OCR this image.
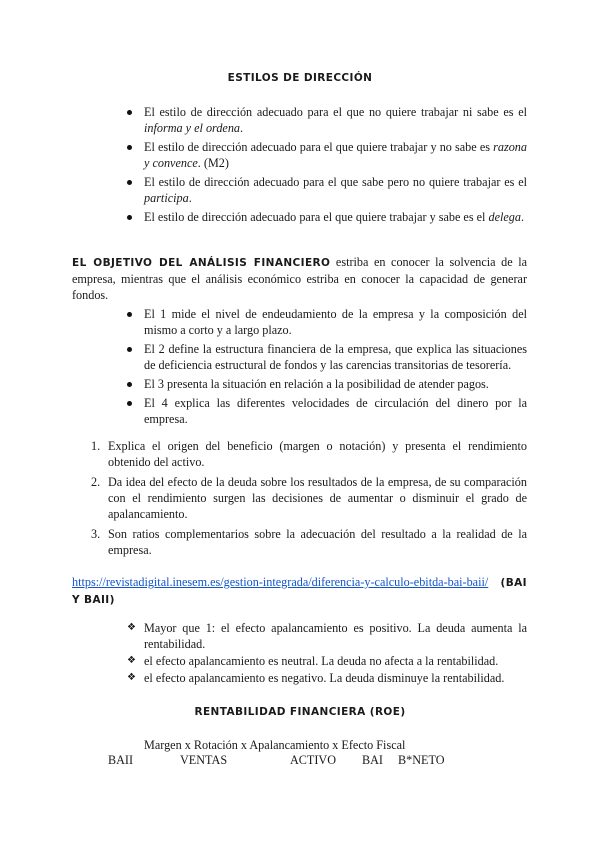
ESTILOS DE DIRECCIÓN
El estilo de dirección adecuado para el que no quiere trabajar ni sabe es el informa y el ordena.
El estilo de dirección adecuado para el que quiere trabajar y no sabe es razona y convence. (M2)
El estilo de dirección adecuado para el que sabe pero no quiere trabajar es el participa.
El estilo de dirección adecuado para el que quiere trabajar y sabe es el delega.
EL OBJETIVO DEL ANÁLISIS FINANCIERO estriba en conocer la solvencia de la empresa, mientras que el análisis económico estriba en conocer la capacidad de generar fondos.
El 1 mide el nivel de endeudamiento de la empresa y la composición del mismo a corto y a largo plazo.
El 2 define la estructura financiera de la empresa, que explica las situaciones de deficiencia estructural de fondos y las carencias transitorias de tesorería.
El 3 presenta la situación en relación a la posibilidad de atender pagos.
El 4 explica las diferentes velocidades de circulación del dinero por la empresa.
1. Explica el origen del beneficio (margen o notación) y presenta el rendimiento obtenido del activo.
2. Da idea del efecto de la deuda sobre los resultados de la empresa, de su comparación con el rendimiento surgen las decisiones de aumentar o disminuir el grado de apalancamiento.
3. Son ratios complementarios sobre la adecuación del resultado a la realidad de la empresa.
https://revistadigital.inesem.es/gestion-integrada/diferencia-y-calculo-ebitda-bai-baii/ (BAI Y BAII)
❖ Mayor que 1: el efecto apalancamiento es positivo. La deuda aumenta la rentabilidad.
❖ el efecto apalancamiento es neutral. La deuda no afecta a la rentabilidad.
❖ el efecto apalancamiento es negativo. La deuda disminuye la rentabilidad.
RENTABILIDAD FINANCIERA (ROE)
Margen x Rotación x Apalancamiento x Efecto Fiscal
BAII	VENTAS	ACTIVO BAI B*NETO
